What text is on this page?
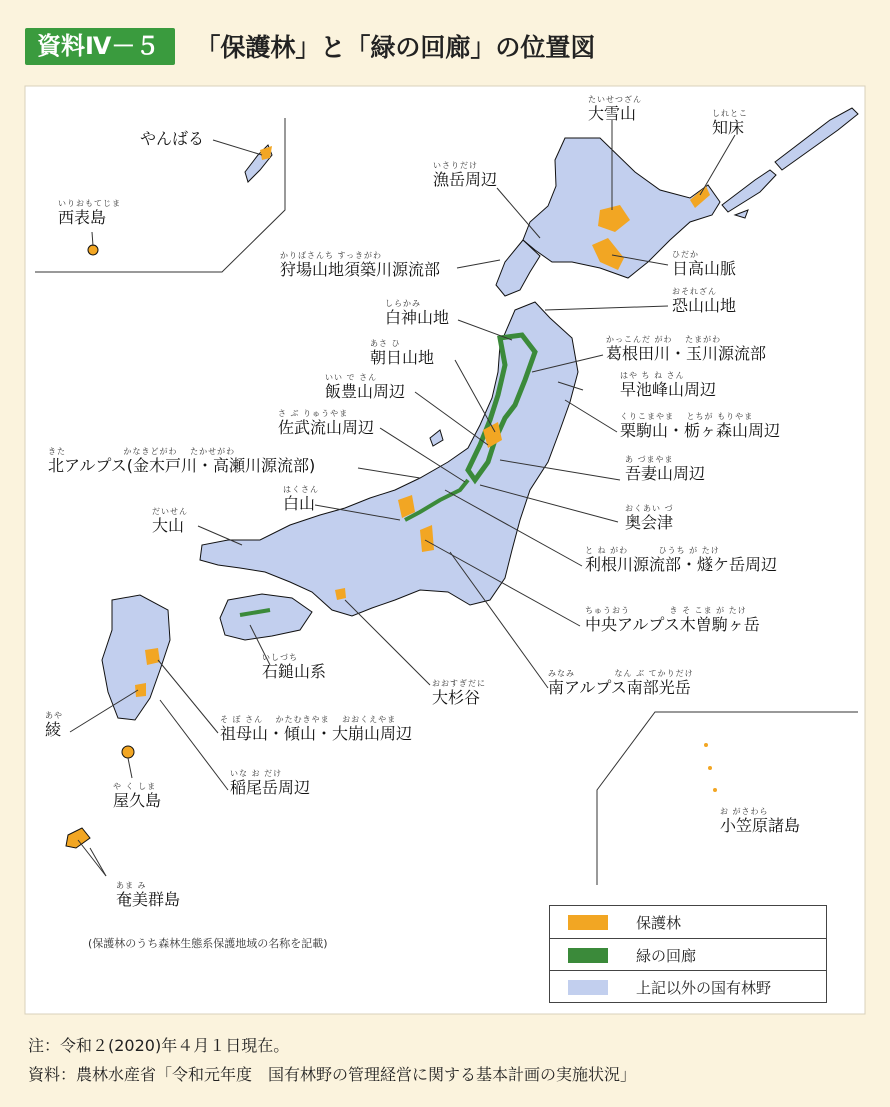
資料Ⅳ－５	「保護林」と「緑の回廊」の位置図
やんばる
いりおもてじま
西表島
たいせつざん
大雪山	しれとこ
知床
いさりだけ
漁岳周辺
かりばさんち すっきがわ
狩場山地須築川源流部
ひだか
日高山脈
おそれざん
恐山山地
しらかみ
白神山地
かっこんだ がわ　 たまがわ
葛根田川・玉川源流部
あさ ひ
朝日山地
はや ち ね さん
早池峰山周辺
いい で さん
飯豊山周辺
くりこまやま　 とちが もりやま
栗駒山・栃ヶ森山周辺
さ ぶ りゅうやま
佐武流山周辺
きた　　　　　　 かなきどがわ　 たかせがわ
北アルプス(金木戸川・高瀬川源流部)	あ づまやま
吾妻山周辺
はくさん
白山	おくあい づ
奥会津
だいせん
大山
と ね がわ　　　 ひうち が たけ
利根川源流部・燧ケ岳周辺
ちゅうおう　　　　 き そ こま が たけ
中央アルプス木曽駒ヶ岳
いしづち
石鎚山系	みなみ　　　　 なん ぶ てかりだけ
南アルプス南部光岳
おおすぎだに
大杉谷
あや
綾
そ ぼ さん　 かたむきやま　 おおくえやま
祖母山・傾山・大崩山周辺
いな お だけ
稲尾岳周辺
や く しま
屋久島
お がさわら
小笠原諸島
あま み
奄美群島
(保護林のうち森林生態系保護地域の名称を記載)
保護林
緑の回廊
上記以外の国有林野
注：令和２(2020)年４月１日現在。
資料：農林水産省「令和元年度　国有林野の管理経営に関する基本計画の実施状況」
